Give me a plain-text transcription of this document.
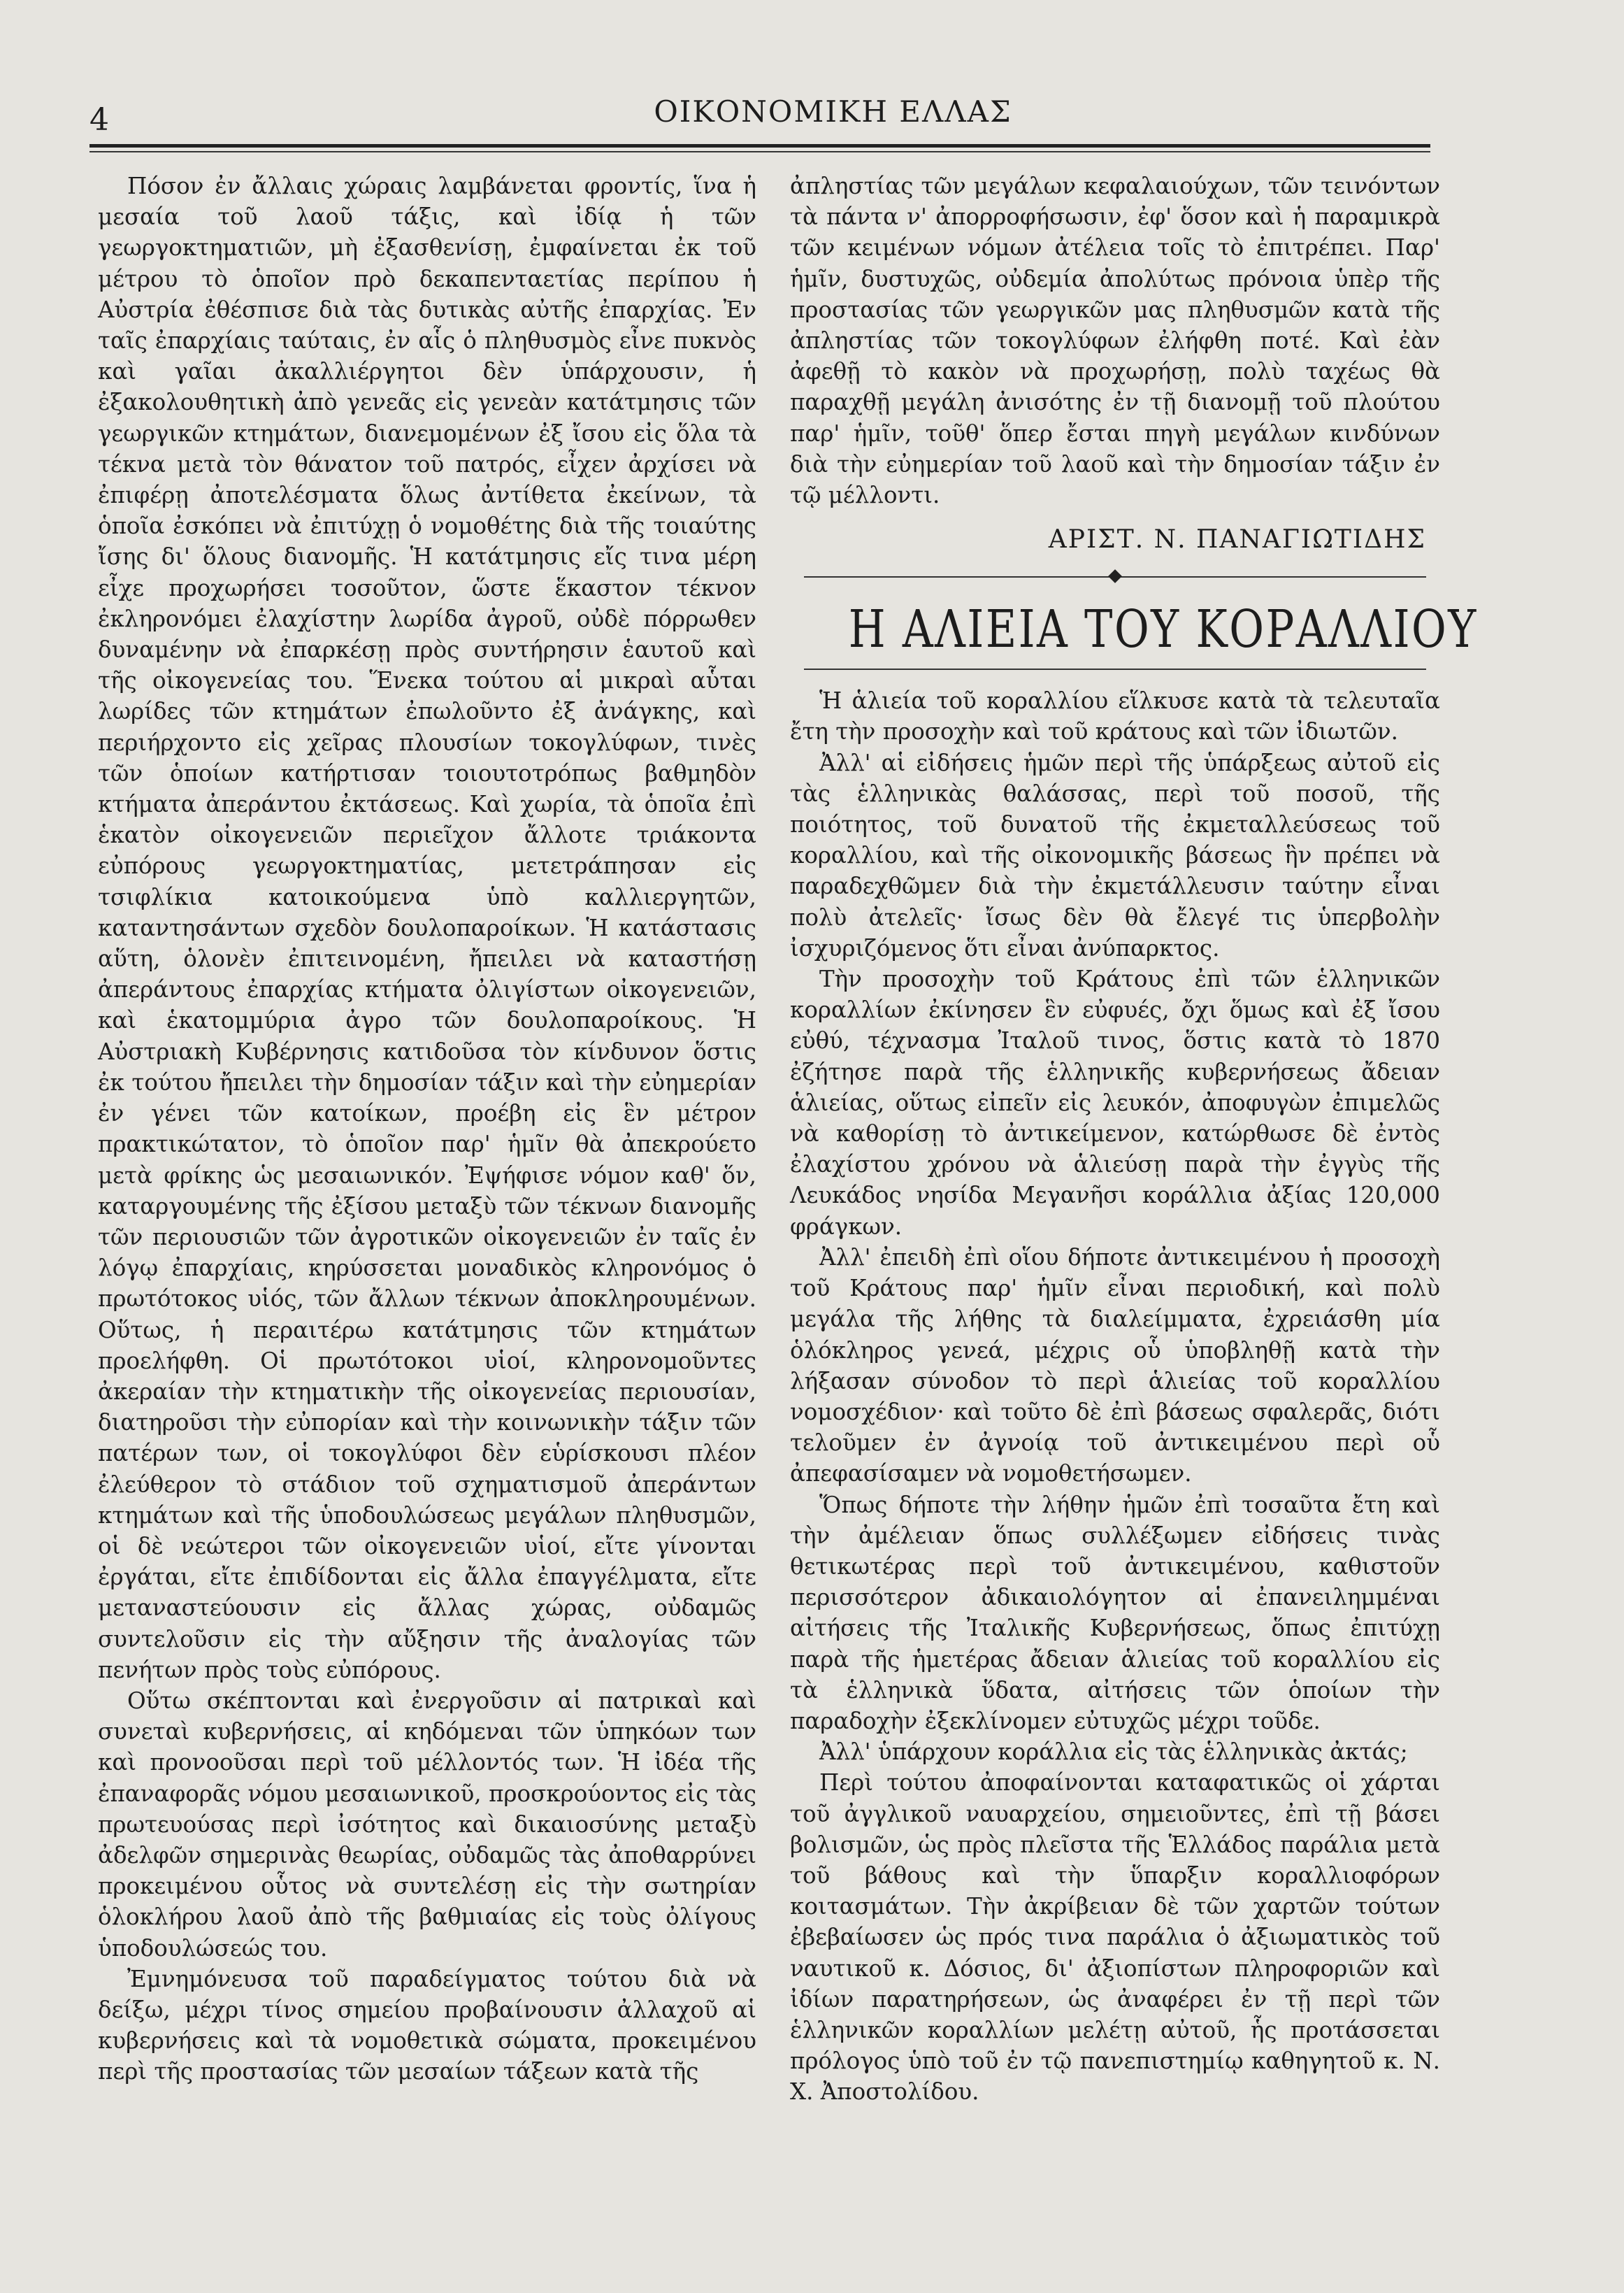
4	ΟΙΚΟΝΟΜΙΚΗ ΕΛΛΑΣ

Πόσον ἐν ἄλλαις χώραις λαμβάνεται φροντίς, ἵνα ἡ μεσαία τοῦ λαοῦ τάξις, καὶ ἰδίᾳ ἡ τῶν γεωργοκτηματιῶν, μὴ ἐξασθενίσῃ, ἐμφαίνεται ἐκ τοῦ μέτρου τὸ ὁποῖον πρὸ δεκαπενταετίας περίπου ἡ Αὐστρία ἐθέσπισε διὰ τὰς δυτικὰς αὐτῆς ἐπαρχίας. Ἐν ταῖς ἐπαρχίαις ταύταις, ἐν αἷς ὁ πληθυσμὸς εἶνε πυκνὸς καὶ γαῖαι ἀκαλλιέργητοι δὲν ὑπάρχουσιν, ἡ ἐξακολουθητικὴ ἀπὸ γενεᾶς εἰς γενεὰν κατάτμησις τῶν γεωργικῶν κτημάτων, διανεμομένων ἐξ ἴσου εἰς ὅλα τὰ τέκνα μετὰ τὸν θάνατον τοῦ πατρός, εἶχεν ἀρχίσει νὰ ἐπιφέρῃ ἀποτελέσματα ὅλως ἀντίθετα ἐκείνων, τὰ ὁποῖα ἐσκόπει νὰ ἐπιτύχῃ ὁ νομοθέτης διὰ τῆς τοιαύτης ἴσης δι' ὅλους διανομῆς. Ἡ κατάτμησις εἴς τινα μέρη εἶχε προχωρήσει τοσοῦτον, ὥστε ἕκαστον τέκνον ἐκληρονόμει ἐλαχίστην λωρίδα ἀγροῦ, οὐδὲ πόρρωθεν δυναμένην νὰ ἐπαρκέσῃ πρὸς συντήρησιν ἑαυτοῦ καὶ τῆς οἰκογενείας του. Ἕνεκα τούτου αἱ μικραὶ αὗται λωρίδες τῶν κτημάτων ἐπωλοῦντο ἐξ ἀνάγκης, καὶ περιήρχοντο εἰς χεῖρας πλουσίων τοκογλύφων, τινὲς τῶν ὁποίων κατήρτισαν τοιουτοτρόπως βαθμηδὸν κτήματα ἀπεράντου ἐκτάσεως. Καὶ χωρία, τὰ ὁποῖα ἐπὶ ἑκατὸν οἰκογενειῶν περιεῖχον ἄλλοτε τριάκοντα εὐπόρους γεωργοκτηματίας, μετετράπησαν εἰς τσιφλίκια κατοικούμενα ὑπὸ καλλιεργητῶν, καταντησάντων σχεδὸν δουλοπαροίκων. Ἡ κατάστασις αὕτη, ὁλονὲν ἐπιτεινομένη, ἤπειλει νὰ καταστήσῃ ἀπεράντους ἐπαρχίας κτήματα ὀλιγίστων οἰκογενειῶν, καὶ ἑκατομμύρια ἀγρο τῶν δουλοπαροίκους. Ἡ Αὐστριακὴ Κυβέρνησις κατιδοῦσα τὸν κίνδυνον ὅστις ἐκ τούτου ἤπειλει τὴν δημοσίαν τάξιν καὶ τὴν εὐημερίαν ἐν γένει τῶν κατοίκων, προέβη εἰς ἓν μέτρον πρακτικώτατον, τὸ ὁποῖον παρ' ἡμῖν θὰ ἀπεκρούετο μετὰ φρίκης ὡς μεσαιωνικόν. Ἐψήφισε νόμον καθ' ὅν, καταργουμένης τῆς ἐξίσου μεταξὺ τῶν τέκνων διανομῆς τῶν περιουσιῶν τῶν ἀγροτικῶν οἰκογενειῶν ἐν ταῖς ἐν λόγῳ ἐπαρχίαις, κηρύσσεται μοναδικὸς κληρονόμος ὁ πρωτότοκος υἱός, τῶν ἄλλων τέκνων ἀποκληρουμένων. Οὕτως, ἡ περαιτέρω κατάτμησις τῶν κτημάτων προελήφθη. Οἱ πρωτότοκοι υἱοί, κληρονομοῦντες ἀκεραίαν τὴν κτηματικὴν τῆς οἰκογενείας περιουσίαν, διατηροῦσι τὴν εὐπορίαν καὶ τὴν κοινωνικὴν τάξιν τῶν πατέρων των, οἱ τοκογλύφοι δὲν εὑρίσκουσι πλέον ἐλεύθερον τὸ στάδιον τοῦ σχηματισμοῦ ἀπεράντων κτημάτων καὶ τῆς ὑποδουλώσεως μεγάλων πληθυσμῶν, οἱ δὲ νεώτεροι τῶν οἰκογενειῶν υἱοί, εἴτε γίνονται ἐργάται, εἴτε ἐπιδίδονται εἰς ἄλλα ἐπαγγέλματα, εἴτε μεταναστεύουσιν εἰς ἄλλας χώρας, οὐδαμῶς συντελοῦσιν εἰς τὴν αὔξησιν τῆς ἀναλογίας τῶν πενήτων πρὸς τοὺς εὐπόρους.

Οὕτω σκέπτονται καὶ ἐνεργοῦσιν αἱ πατρικαὶ καὶ συνεταὶ κυβερνήσεις, αἱ κηδόμεναι τῶν ὑπηκόων των καὶ προνοοῦσαι περὶ τοῦ μέλλοντός των. Ἡ ἰδέα τῆς ἐπαναφορᾶς νόμου μεσαιωνικοῦ, προσκρούοντος εἰς τὰς πρωτευούσας περὶ ἰσότητος καὶ δικαιοσύνης μεταξὺ ἀδελφῶν σημερινὰς θεωρίας, οὐδαμῶς τὰς ἀποθαρρύνει προκειμένου οὗτος νὰ συντελέσῃ εἰς τὴν σωτηρίαν ὁλοκλήρου λαοῦ ἀπὸ τῆς βαθμιαίας εἰς τοὺς ὀλίγους ὑποδουλώσεώς του.

Ἐμνημόνευσα τοῦ παραδείγματος τούτου διὰ νὰ δείξω, μέχρι τίνος σημείου προβαίνουσιν ἀλλαχοῦ αἱ κυβερνήσεις καὶ τὰ νομοθετικὰ σώματα, προκειμένου περὶ τῆς προστασίας τῶν μεσαίων τάξεων κατὰ τῆς

ἀπληστίας τῶν μεγάλων κεφαλαιούχων, τῶν τεινόντων τὰ πάντα ν' ἀπορροφήσωσιν, ἐφ' ὅσον καὶ ἡ παραμικρὰ τῶν κειμένων νόμων ἀτέλεια τοῖς τὸ ἐπιτρέπει. Παρ' ἡμῖν, δυστυχῶς, οὐδεμία ἀπολύτως πρόνοια ὑπὲρ τῆς προστασίας τῶν γεωργικῶν μας πληθυσμῶν κατὰ τῆς ἀπληστίας τῶν τοκογλύφων ἐλήφθη ποτέ. Καὶ ἐὰν ἀφεθῇ τὸ κακὸν νὰ προχωρήσῃ, πολὺ ταχέως θὰ παραχθῇ μεγάλη ἀνισότης ἐν τῇ διανομῇ τοῦ πλούτου παρ' ἡμῖν, τοῦθ' ὅπερ ἔσται πηγὴ μεγάλων κινδύνων διὰ τὴν εὐημερίαν τοῦ λαοῦ καὶ τὴν δημοσίαν τάξιν ἐν τῷ μέλλοντι.

ΑΡΙΣΤ. Ν. ΠΑΝΑΓΙΩΤΙΔΗΣ
Η ΑΛΙΕΙΑ ΤΟΥ ΚΟΡΑΛΛΙΟΥ

Ἡ ἁλιεία τοῦ κοραλλίου εἵλκυσε κατὰ τὰ τελευταῖα ἔτη τὴν προσοχὴν καὶ τοῦ κράτους καὶ τῶν ἰδιωτῶν.

Ἀλλ' αἱ εἰδήσεις ἡμῶν περὶ τῆς ὑπάρξεως αὐτοῦ εἰς τὰς ἑλληνικὰς θαλάσσας, περὶ τοῦ ποσοῦ, τῆς ποιότητος, τοῦ δυνατοῦ τῆς ἐκμεταλλεύσεως τοῦ κοραλλίου, καὶ τῆς οἰκονομικῆς βάσεως ἣν πρέπει νὰ παραδεχθῶμεν διὰ τὴν ἐκμετάλλευσιν ταύτην εἶναι πολὺ ἀτελεῖς· ἴσως δὲν θὰ ἔλεγέ τις ὑπερβολὴν ἰσχυριζόμενος ὅτι εἶναι ἀνύπαρκτος.

Τὴν προσοχὴν τοῦ Κράτους ἐπὶ τῶν ἑλληνικῶν κοραλλίων ἐκίνησεν ἓν εὐφυές, ὄχι ὅμως καὶ ἐξ ἴσου εὐθύ, τέχνασμα Ἰταλοῦ τινος, ὅστις κατὰ τὸ 1870 ἐζήτησε παρὰ τῆς ἑλληνικῆς κυβερνήσεως ἄδειαν ἁλιείας, οὕτως εἰπεῖν εἰς λευκόν, ἀποφυγὼν ἐπιμελῶς νὰ καθορίσῃ τὸ ἀντικείμενον, κατώρθωσε δὲ ἐντὸς ἐλαχίστου χρόνου νὰ ἁλιεύσῃ παρὰ τὴν ἐγγὺς τῆς Λευκάδος νησίδα Μεγανῆσι κοράλλια ἀξίας 120,000 φράγκων.

Ἀλλ' ἐπειδὴ ἐπὶ οἵου δήποτε ἀντικειμένου ἡ προσοχὴ τοῦ Κράτους παρ' ἡμῖν εἶναι περιοδική, καὶ πολὺ μεγάλα τῆς λήθης τὰ διαλείμματα, ἐχρειάσθη μία ὁλόκληρος γενεά, μέχρις οὗ ὑποβληθῇ κατὰ τὴν λήξασαν σύνοδον τὸ περὶ ἁλιείας τοῦ κοραλλίου νομοσχέδιον· καὶ τοῦτο δὲ ἐπὶ βάσεως σφαλερᾶς, διότι τελοῦμεν ἐν ἀγνοίᾳ τοῦ ἀντικειμένου περὶ οὗ ἀπεφασίσαμεν νὰ νομοθετήσωμεν.

Ὅπως δήποτε τὴν λήθην ἡμῶν ἐπὶ τοσαῦτα ἔτη καὶ τὴν ἀμέλειαν ὅπως συλλέξωμεν εἰδήσεις τινὰς θετικωτέρας περὶ τοῦ ἀντικειμένου, καθιστοῦν περισσότερον ἀδικαιολόγητον αἱ ἐπανειλημμέναι αἰτήσεις τῆς Ἰταλικῆς Κυβερνήσεως, ὅπως ἐπιτύχῃ παρὰ τῆς ἡμετέρας ἄδειαν ἁλιείας τοῦ κοραλλίου εἰς τὰ ἑλληνικὰ ὕδατα, αἰτήσεις τῶν ὁποίων τὴν παραδοχὴν ἐξεκλίνομεν εὐτυχῶς μέχρι τοῦδε.

Ἀλλ' ὑπάρχουν κοράλλια εἰς τὰς ἑλληνικὰς ἀκτάς;

Περὶ τούτου ἀποφαίνονται καταφατικῶς οἱ χάρται τοῦ ἀγγλικοῦ ναυαρχείου, σημειοῦντες, ἐπὶ τῇ βάσει βολισμῶν, ὡς πρὸς πλεῖστα τῆς Ἑλλάδος παράλια μετὰ τοῦ βάθους καὶ τὴν ὕπαρξιν κοραλλιοφόρων κοιτασμάτων. Τὴν ἀκρίβειαν δὲ τῶν χαρτῶν τούτων ἐβεβαίωσεν ὡς πρός τινα παράλια ὁ ἀξιωματικὸς τοῦ ναυτικοῦ κ. Δόσιος, δι' ἀξιοπίστων πληροφοριῶν καὶ ἰδίων παρατηρήσεων, ὡς ἀναφέρει ἐν τῇ περὶ τῶν ἑλληνικῶν κοραλλίων μελέτῃ αὐτοῦ, ἧς προτάσσεται πρόλογος ὑπὸ τοῦ ἐν τῷ πανεπιστημίῳ καθηγητοῦ κ. Ν. Χ. Ἀποστολίδου.
